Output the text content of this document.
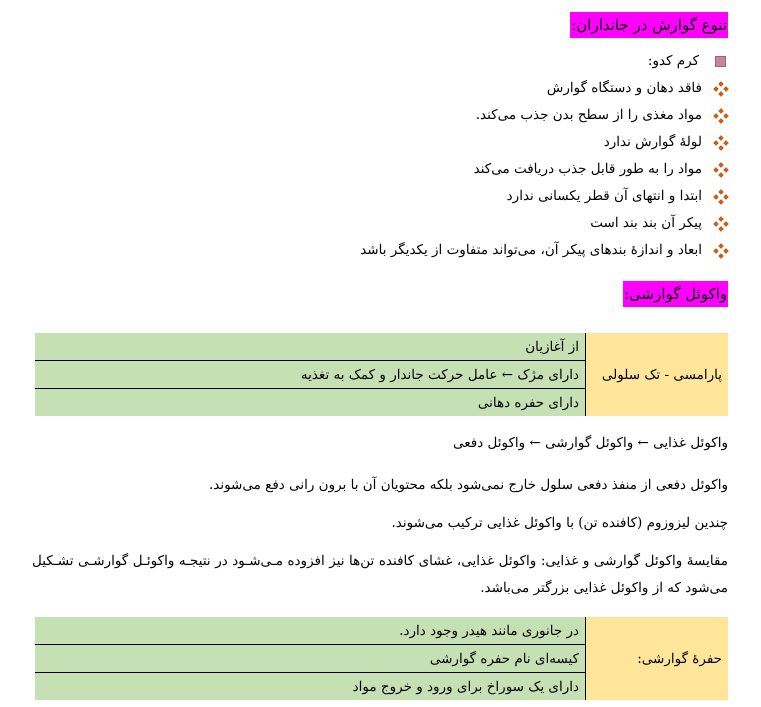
تنوع گوارش در جانداران:
کرم کدو:
فاقد دهان و دستگاه گوارش
مواد مغذی را از سطح بدن جذب می‌کند.
لولهٔ گوارش ندارد
مواد را به طور قابل جذب دریافت می‌کند
ابتدا و انتهای آن قطر یکسانی ندارد
پیکر آن بند بند است
ابعاد و اندازهٔ بندهای پیکر آن، می‌تواند متفاوت از یکدیگر باشد
واکوئل گوارشی:
پارامسی - تک سلولی	از آغازیان
دارای مژک ← عامل حرکت جاندار و کمک به تغذیه
دارای حفره دهانی
واکوئل غذایی ← واکوئل گوارشی ← واکوئل دفعی
واکوئل دفعی از منفذ دفعی سلول خارج نمی‌شود بلکه محتویان آن با برون رانی دفع می‌شوند.
چندین لیزوزوم (کافنده تن) با واکوئل غذایی ترکیب می‌شوند.
مقایسهٔ واکوئل گوارشی و غذایی: واکوئل غذایی، غشای کافنده تن‌ها نیز افزوده مـی‌شـود در نتیجـه واکوئـل گوارشـی تشـکیل می‌شود که از واکوئل غذایی بزرگتر می‌باشد.
حفرهٔ گوارشی:	در جانوری مانند هیدر وجود دارد.
کیسه‌ای نام حفره گوارشی
دارای یک سوراخ برای ورود و خروج مواد
